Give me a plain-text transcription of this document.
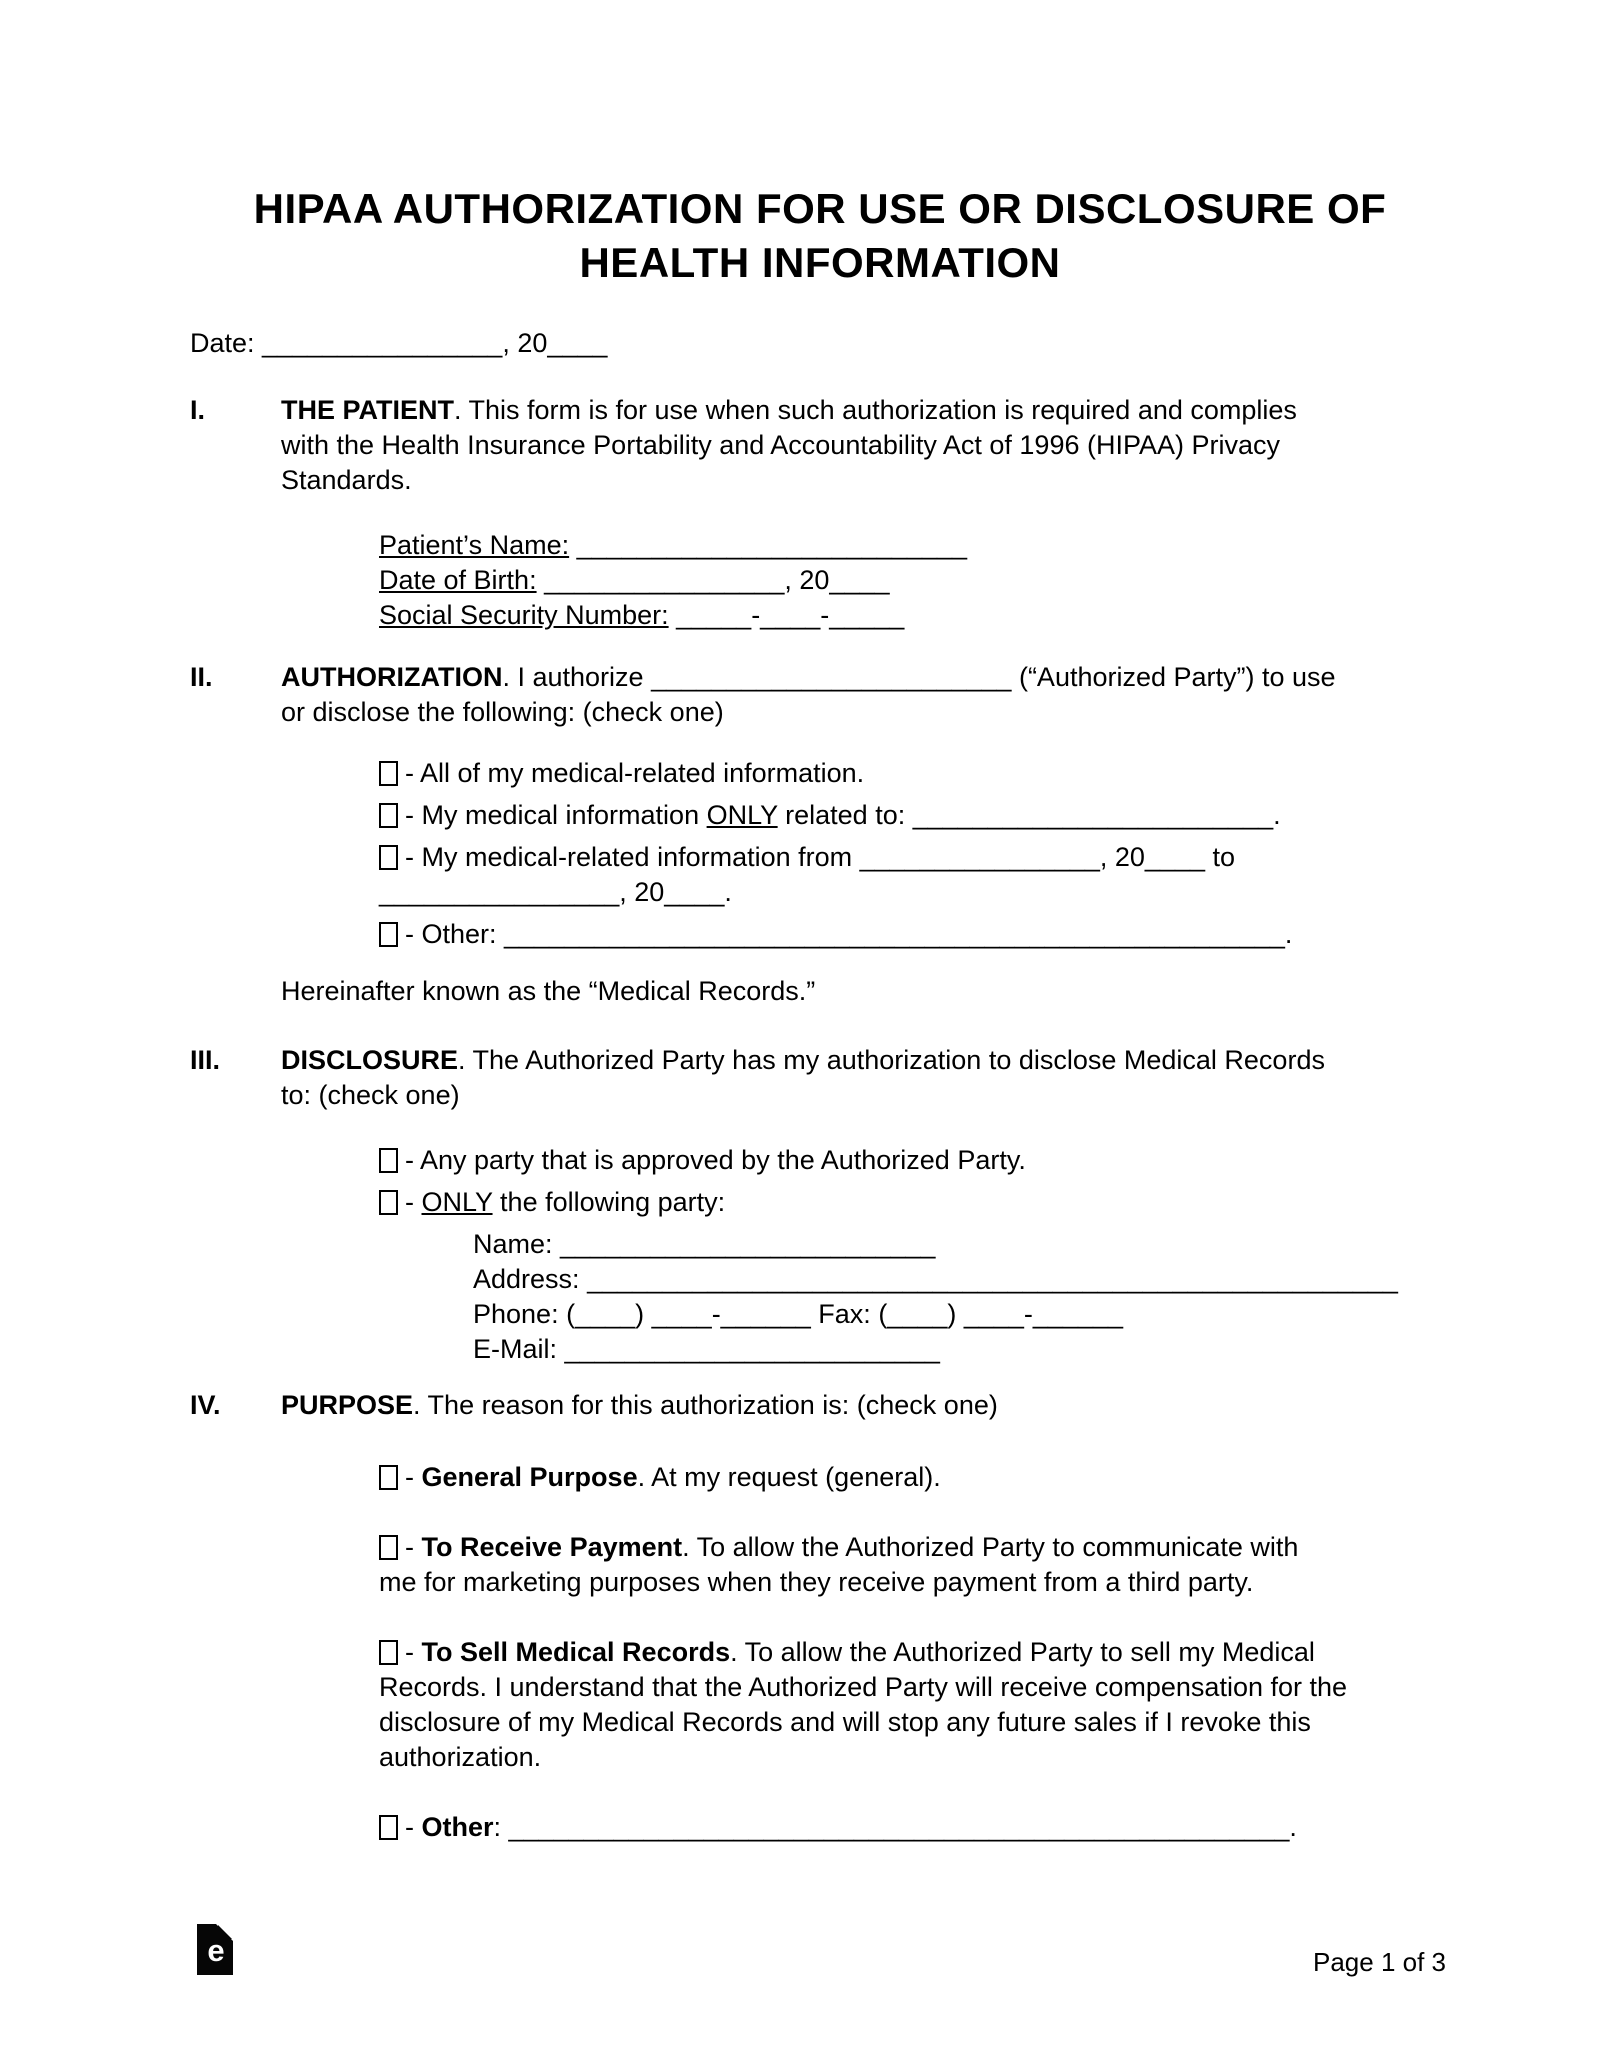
HIPAA AUTHORIZATION FOR USE OR DISCLOSURE OF
HEALTH INFORMATION
Date: ________________, 20____
I.	THE PATIENT. This form is for use when such authorization is required and complies
with the Health Insurance Portability and Accountability Act of 1996 (HIPAA) Privacy
Standards.
Patient’s Name: __________________________
Date of Birth: ________________, 20____
Social Security Number: _____-____-_____
II.	AUTHORIZATION. I authorize ________________________ (“Authorized Party”) to use
or disclose the following: (check one)
- All of my medical-related information.
- My medical information ONLY related to: ________________________.
- My medical-related information from ________________, 20____ to
________________, 20____.
- Other: ____________________________________________________.
Hereinafter known as the “Medical Records.”
III.	DISCLOSURE. The Authorized Party has my authorization to disclose Medical Records
to: (check one)
- Any party that is approved by the Authorized Party.
- ONLY the following party:
Name: _________________________
Address: ______________________________________________________
Phone: (____) ____-______ Fax: (____) ____-______
E-Mail: _________________________
IV.	PURPOSE. The reason for this authorization is: (check one)
- General Purpose. At my request (general).
- To Receive Payment. To allow the Authorized Party to communicate with
me for marketing purposes when they receive payment from a third party.
- To Sell Medical Records. To allow the Authorized Party to sell my Medical
Records. I understand that the Authorized Party will receive compensation for the
disclosure of my Medical Records and will stop any future sales if I revoke this
authorization.
- Other: ____________________________________________________.
e	Page 1 of 3
